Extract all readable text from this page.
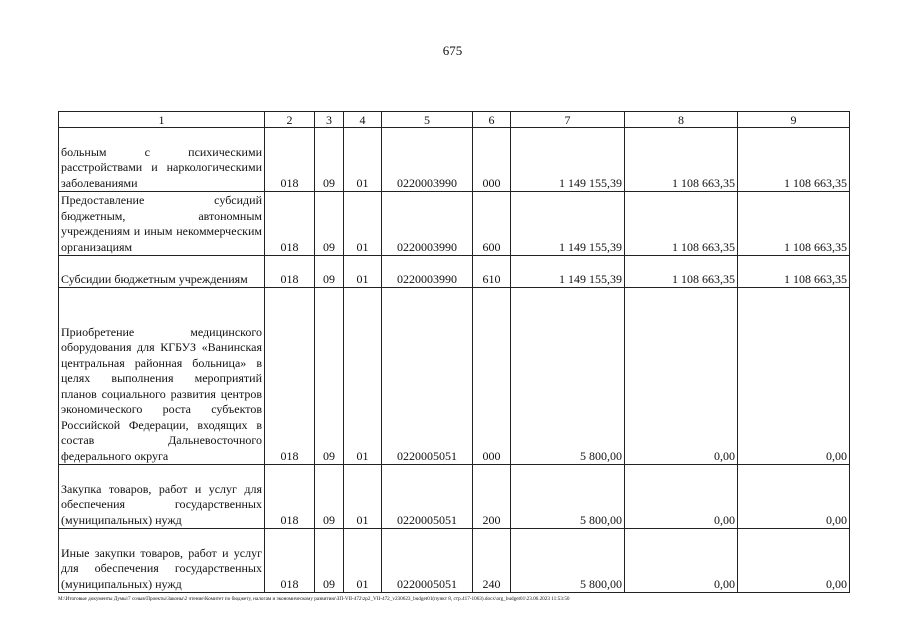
675
1	2	3	4	5	6	7	8	9
больным с психическими расстройствами и наркологическими заболеваниями	018	09	01	0220003990	000	1 149 155,39	1 108 663,35	1 108 663,35
Предоставление субсидий бюджетным, автономным учреждениям и иным некоммерческим организациям	018	09	01	0220003990	600	1 149 155,39	1 108 663,35	1 108 663,35
Субсидии бюджетным учреждениям	018	09	01	0220003990	610	1 149 155,39	1 108 663,35	1 108 663,35
Приобретение медицинского оборудования для КГБУЗ «Ванинская центральная районная больница» в целях выполнения мероприятий планов социального развития центров экономического роста субъектов Российской Федерации, входящих в состав Дальневосточного федерального округа	018	09	01	0220005051	000	5 800,00	0,00	0,00
Закупка товаров, работ и услуг для обеспечения государственных (муниципальных) нужд	018	09	01	0220005051	200	5 800,00	0,00	0,00
Иные закупки товаров, работ и услуг для обеспечения государственных (муниципальных) нужд	018	09	01	0220005051	240	5 800,00	0,00	0,00
M:\Итоговые документы Думы\7 созыв\Проекты\Законы\2 чтение\Комитет по бюджету, налогам и экономическому развитию\ЗП-VII-472\zp2_VII-472_v230623_budget01(пункт 8, стр.417-1063).docx\org_budget01\23.06.2023 11:53:50
